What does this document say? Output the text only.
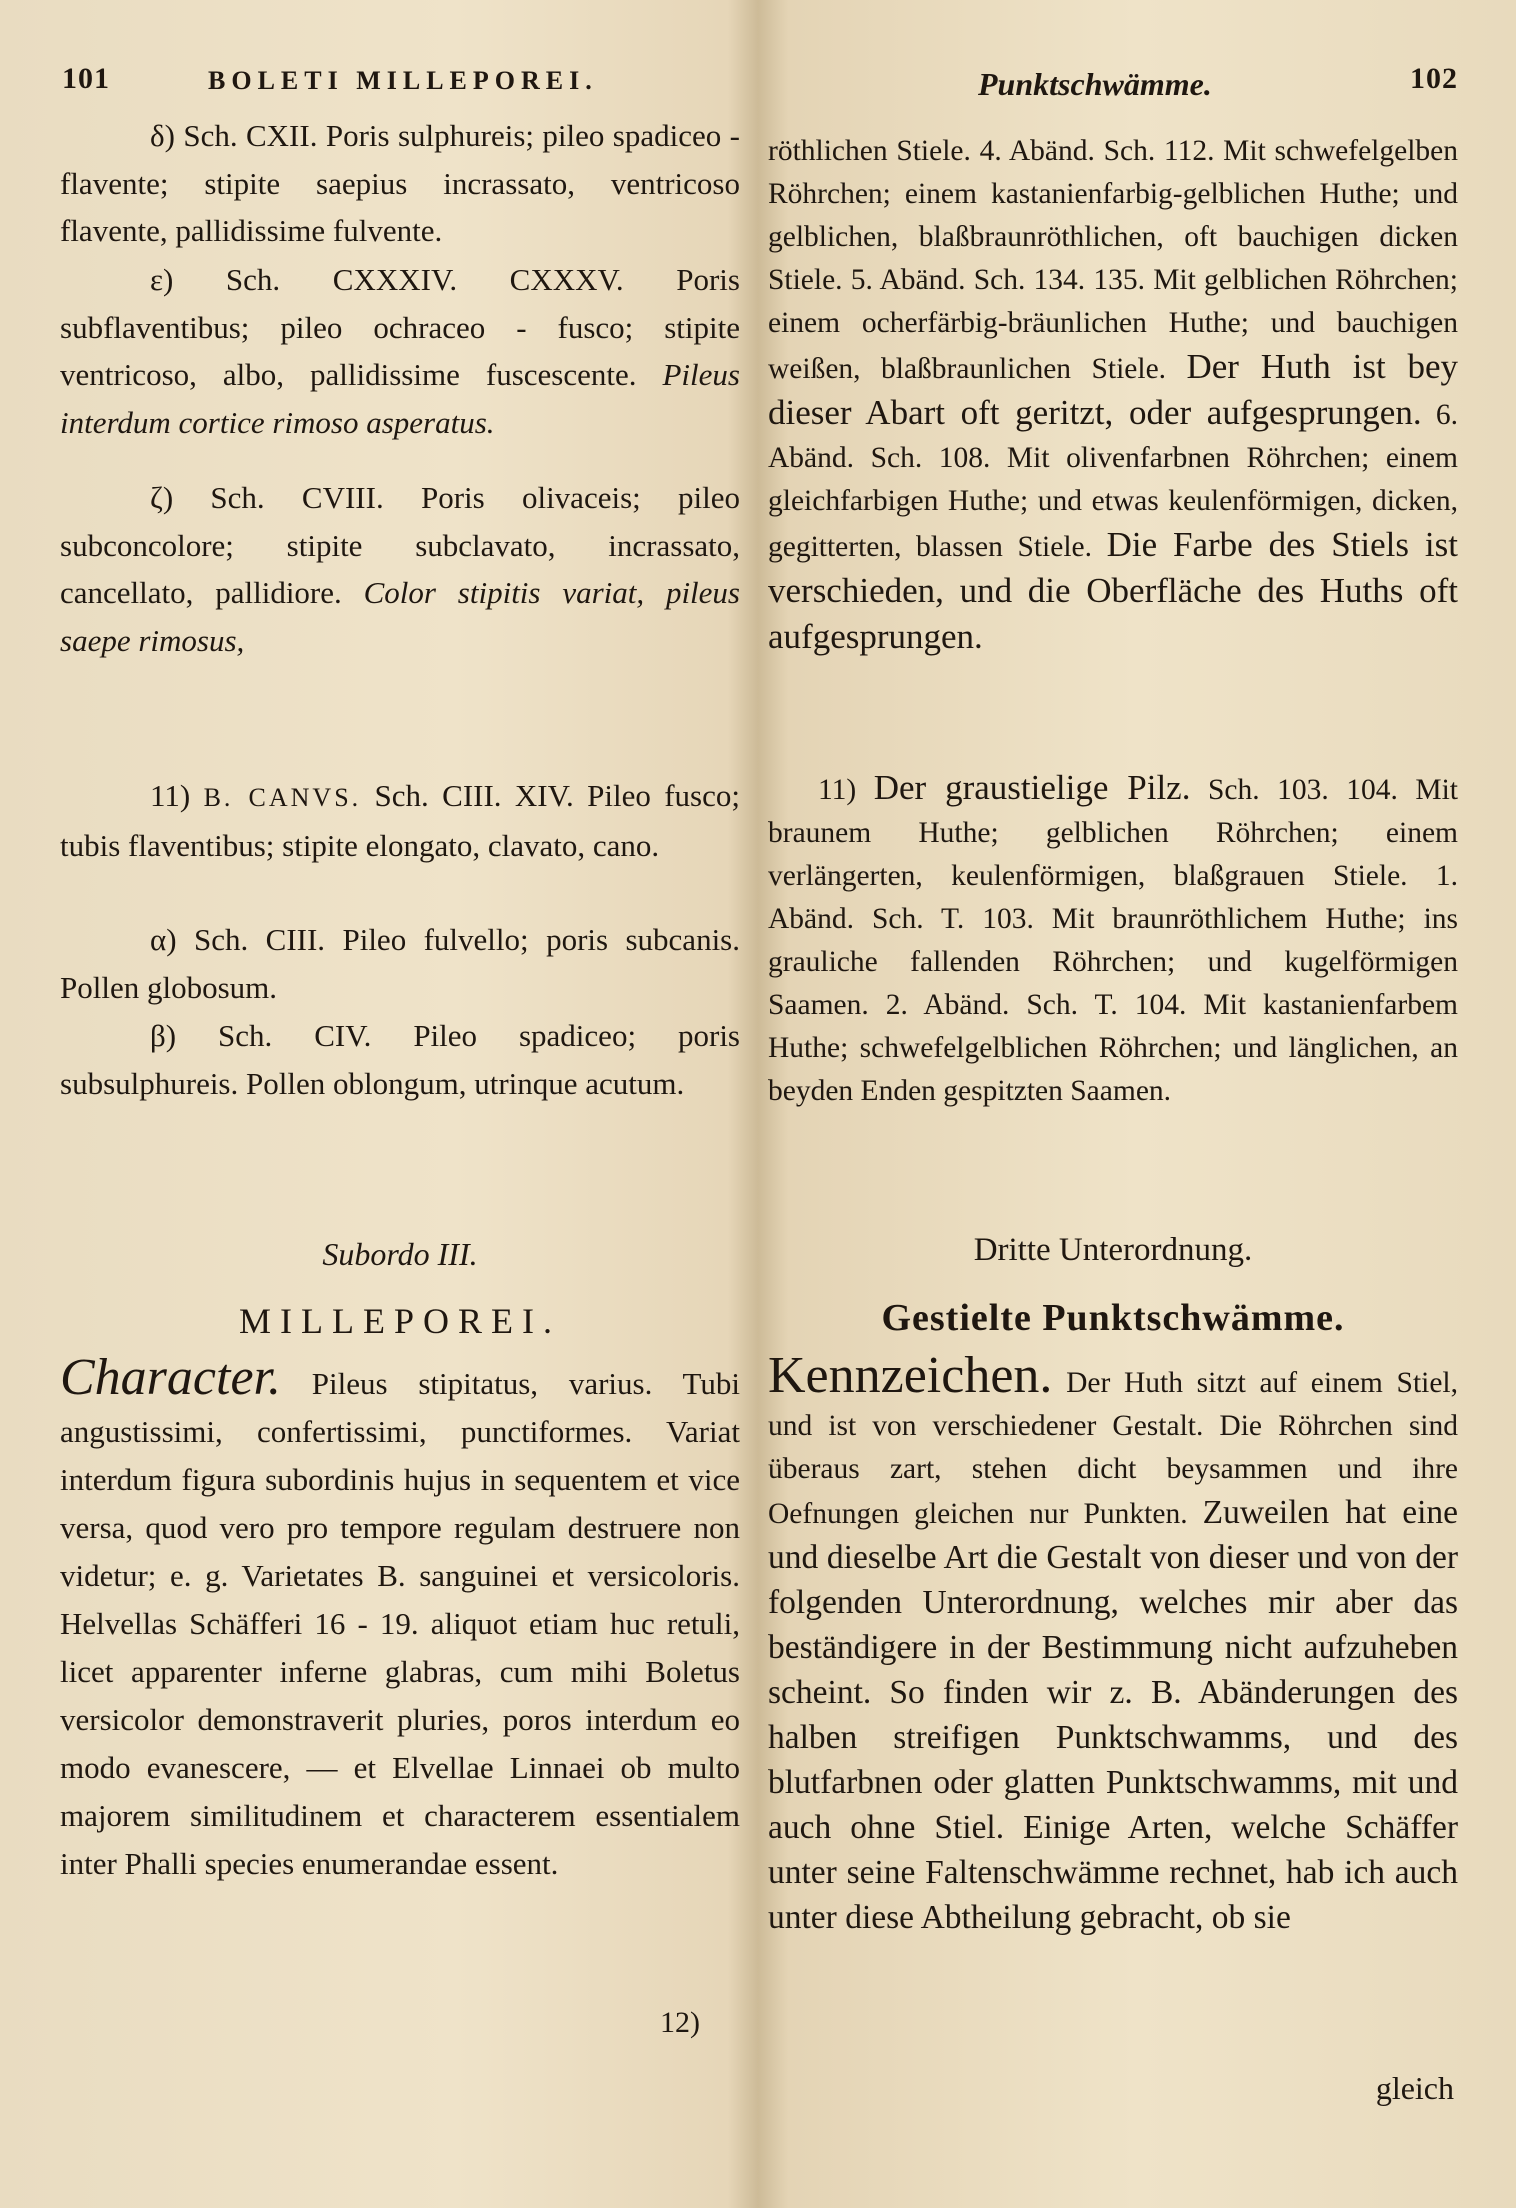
101	BOLETI MILLEPOREI.

δ) Sch. CXII. Poris sulphureis; pileo spadiceo - flavente; stipite saepius incrassato, ventricoso flavente, pallidissime fulvente.

ε) Sch. CXXXIV. CXXXV. Poris subflaventibus; pileo ochraceo - fusco; stipite ventricoso, albo, pallidissime fuscescente. Pileus interdum cortice rimoso asperatus.
ζ) Sch. CVIII. Poris olivaceis; pileo subconcolore; stipite subclavato, incrassato, cancellato, pallidiore. Color stipitis variat, pileus saepe rimosus,
11) B. CANVS. Sch. CIII. XIV. Pileo fusco; tubis flaventibus; stipite elongato, clavato, cano.

α) Sch. CIII. Pileo fulvello; poris subcanis. Pollen globosum.

β) Sch. CIV. Pileo spadiceo; poris subsulphureis. Pollen oblongum, utrinque acutum.

Subordo III.
MILLEPOREI.
Character. Pileus stipitatus, varius. Tubi angustissimi, confertissimi, punctiformes. Variat interdum figura subordinis hujus in sequentem et vice versa, quod vero pro tempore regulam destruere non videtur; e. g. Varietates B. sanguinei et versicoloris. Helvellas Schäfferi 16 - 19. aliquot etiam huc retuli, licet apparenter inferne glabras, cum mihi Boletus versicolor demonstraverit pluries, poros interdum eo modo evanescere, — et Elvellae Linnaei ob multo majorem similitudinem et characterem essentialem inter Phalli species enumerandae essent.
12)
Punktschwämme.	102
röthlichen Stiele. 4. Abänd. Sch. 112. Mit schwefelgelben Röhrchen; einem kastanienfarbig-gelblichen Huthe; und gelblichen, blaßbraunröthlichen, oft bauchigen dicken Stiele. 5. Abänd. Sch. 134. 135. Mit gelblichen Röhrchen; einem ocherfärbig-bräunlichen Huthe; und bauchigen weißen, blaßbraunlichen Stiele. Der Huth ist bey dieser Abart oft geritzt, oder aufgesprungen. 6. Abänd. Sch. 108. Mit olivenfarbnen Röhrchen; einem gleichfarbigen Huthe; und etwas keulenförmigen, dicken, gegitterten, blassen Stiele. Die Farbe des Stiels ist verschieden, und die Oberfläche des Huths oft aufgesprungen.
11) Der graustielige Pilz. Sch. 103. 104. Mit braunem Huthe; gelblichen Röhrchen; einem verlängerten, keulenförmigen, blaßgrauen Stiele. 1. Abänd. Sch. T. 103. Mit braunröthlichem Huthe; ins grauliche fallenden Röhrchen; und kugelförmigen Saamen. 2. Abänd. Sch. T. 104. Mit kastanienfarbem Huthe; schwefelgelblichen Röhrchen; und länglichen, an beyden Enden gespitzten Saamen.
Dritte Unterordnung.
Gestielte Punktschwämme.
Kennzeichen. Der Huth sitzt auf einem Stiel, und ist von verschiedener Gestalt. Die Röhrchen sind überaus zart, stehen dicht beysammen und ihre Oefnungen gleichen nur Punkten. Zuweilen hat eine und dieselbe Art die Gestalt von dieser und von der folgenden Unterordnung, welches mir aber das beständigere in der Bestimmung nicht aufzuheben scheint. So finden wir z. B. Abänderungen des halben streifigen Punktschwamms, und des blutfarbnen oder glatten Punktschwamms, mit und auch ohne Stiel. Einige Arten, welche Schäffer unter seine Faltenschwämme rechnet, hab ich auch unter diese Abtheilung gebracht, ob sie
gleich
